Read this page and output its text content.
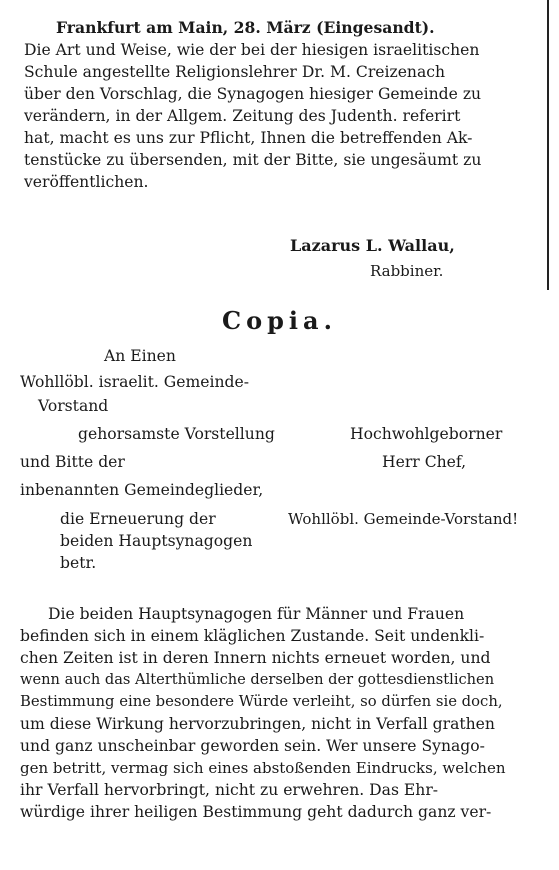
Frankfurt am Main, 28. März (Eingesandt).
Die Art und Weise, wie der bei der hiesigen israelitischen
Schule angestellte Religionslehrer Dr. M. Creizenach
über den Vorschlag, die Synagogen hiesiger Gemeinde zu
verändern, in der Allgem. Zeitung des Judenth. referirt
hat, macht es uns zur Pflicht, Ihnen die betreffenden Ak-
tenstücke zu übersenden, mit der Bitte, sie ungesäumt zu
veröffentlichen.
Lazarus L. Wallau,
Rabbiner.
Copia.
An Einen
Wohllöbl. israelit. Gemeinde-
Vorstand
gehorsamste Vorstellung
und Bitte der
inbenannten Gemeindeglieder,
die Erneuerung der
beiden Hauptsynagogen
betr.
Hochwohlgeborner
Herr Chef,
Wohllöbl. Gemeinde-Vorstand!
Die beiden Hauptsynagogen für Männer und Frauen
befinden sich in einem kläglichen Zustande. Seit undenkli-
chen Zeiten ist in deren Innern nichts erneuet worden, und
wenn auch das Alterthümliche derselben der gottesdienstlichen
Bestimmung eine besondere Würde verleiht, so dürfen sie doch,
um diese Wirkung hervorzubringen, nicht in Verfall grathen
und ganz unscheinbar geworden sein. Wer unsere Synago-
gen betritt, vermag sich eines abstoßenden Eindrucks, welchen
ihr Verfall hervorbringt, nicht zu erwehren. Das Ehr-
würdige ihrer heiligen Bestimmung geht dadurch ganz ver-
